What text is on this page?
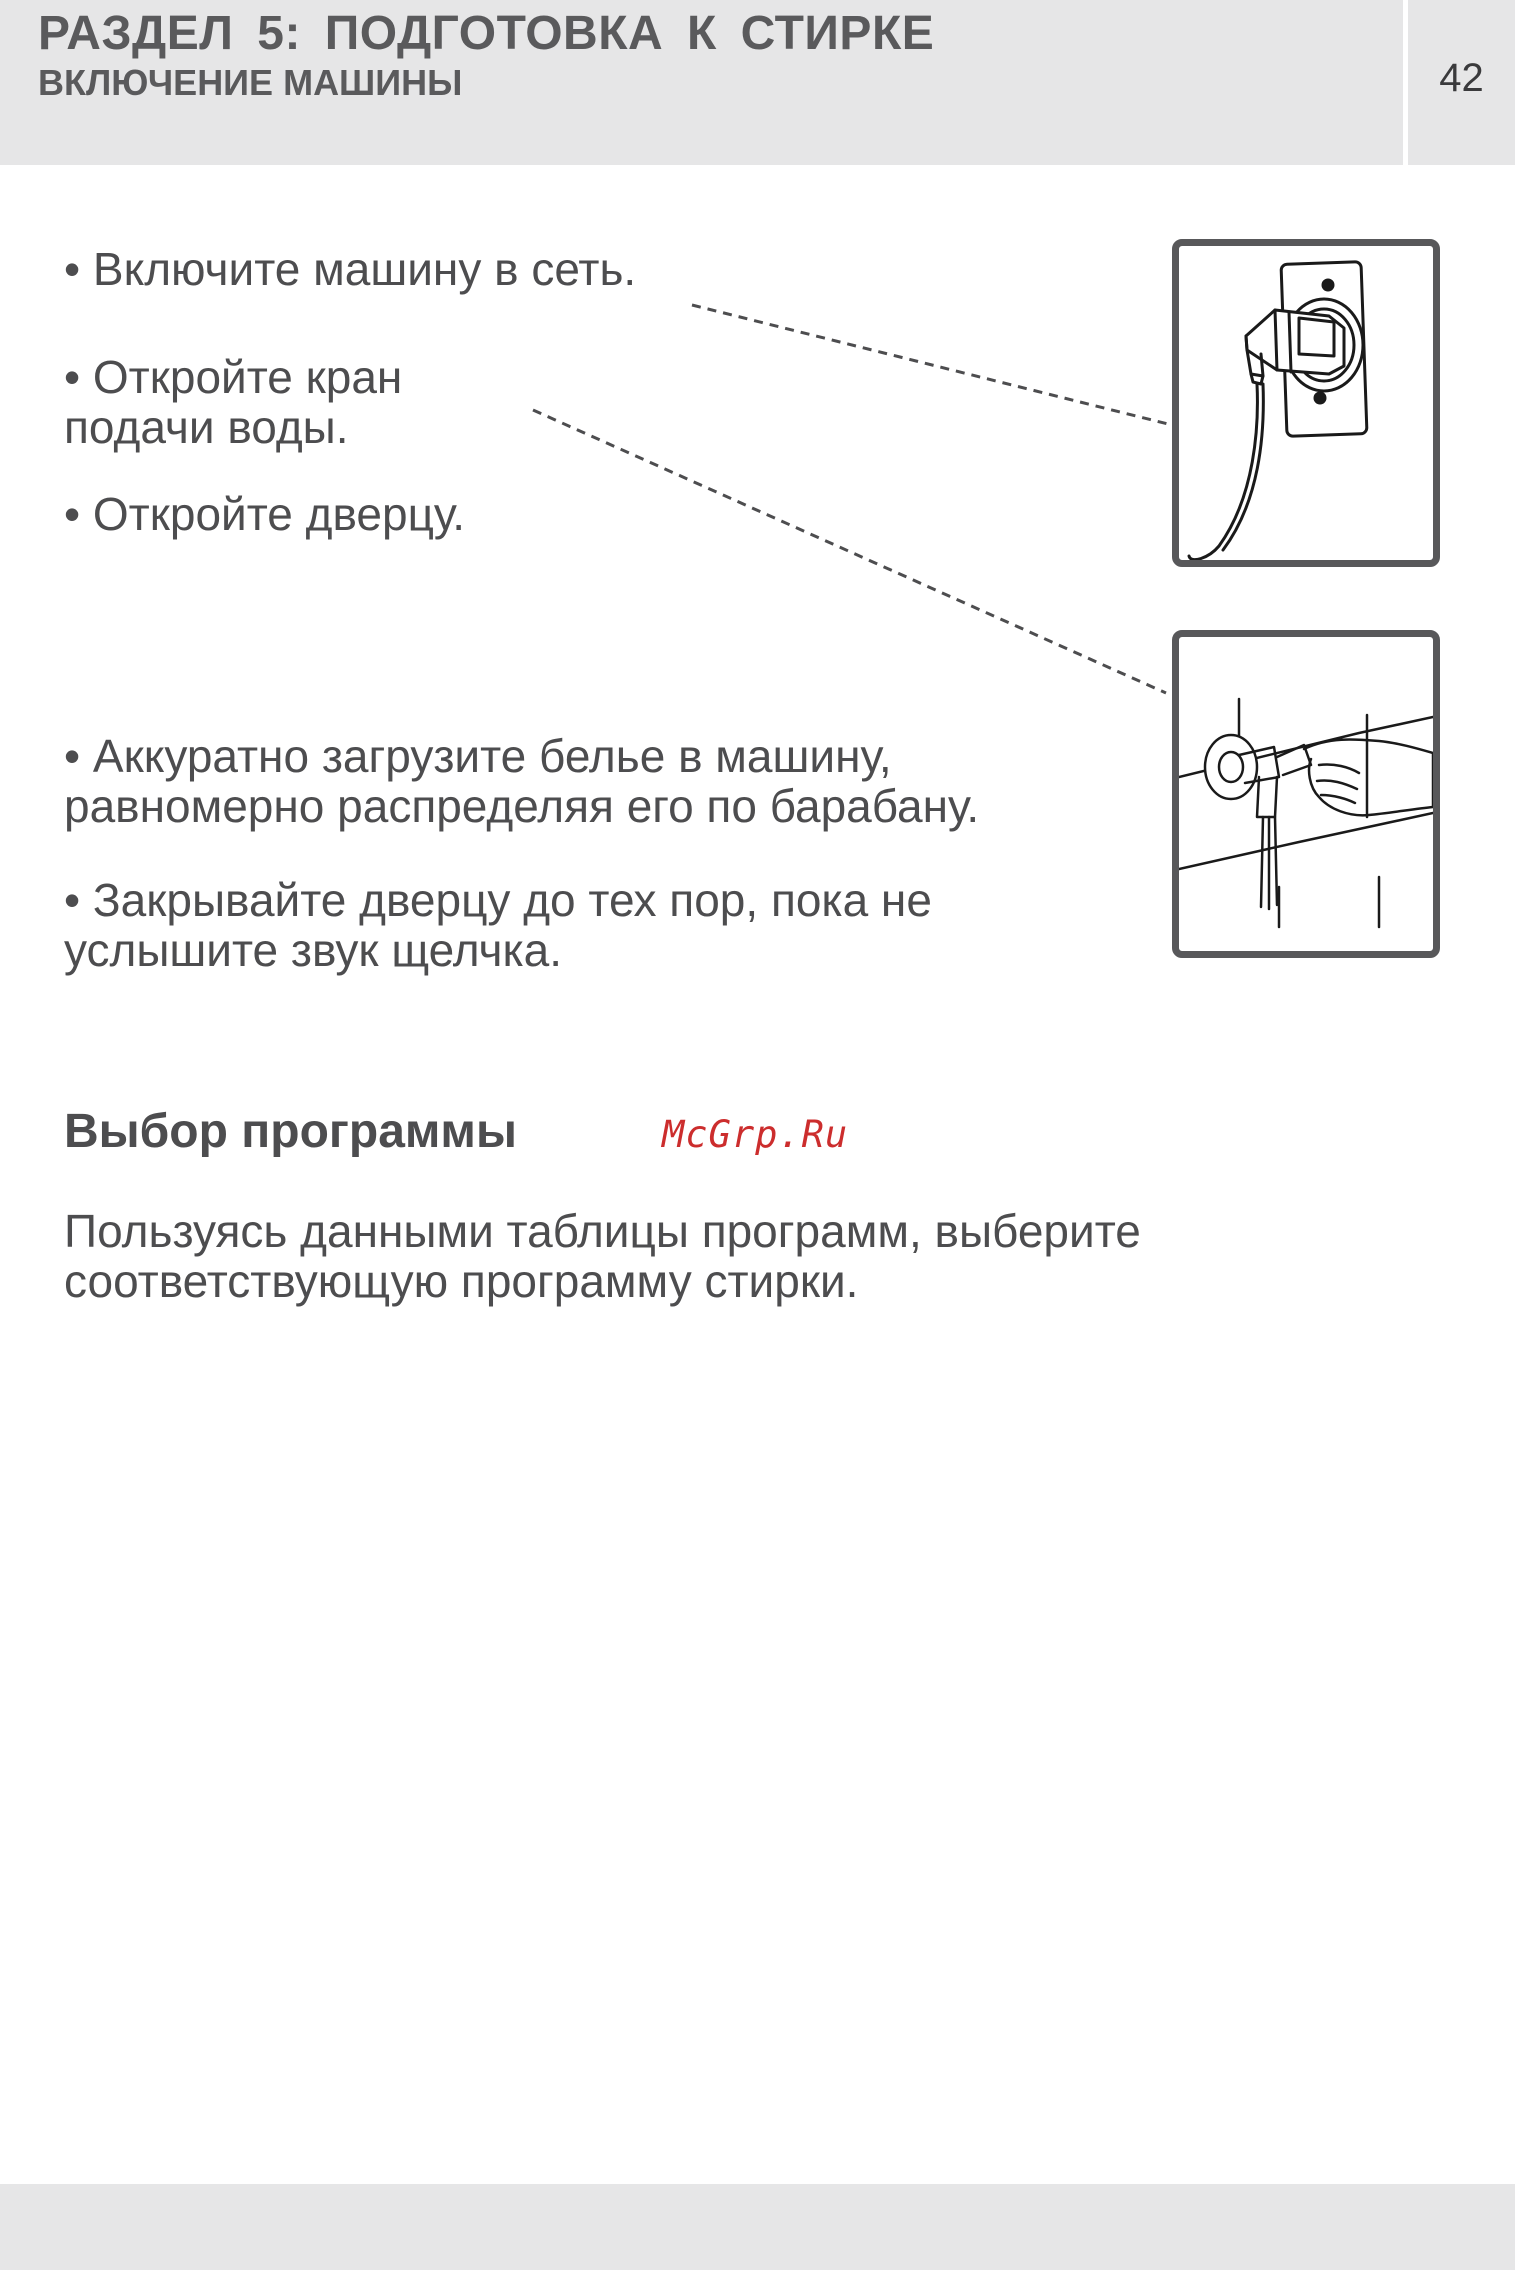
РАЗДЕЛ 5: ПОДГОТОВКА К СТИРКЕ
ВКЛЮЧЕНИЕ МАШИНЫ	42

• Включите машину в сеть.

• Откройте кран
подачи воды.

• Откройте дверцу.

• Аккуратно загрузите белье в машину,
равномерно распределяя его по барабану.

• Закрывайте дверцу до тех пор, пока не
услышите звук щелчка.

Выбор программы	McGrp.Ru

Пользуясь данными таблицы программ, выберите
соответствующую программу стирки.
